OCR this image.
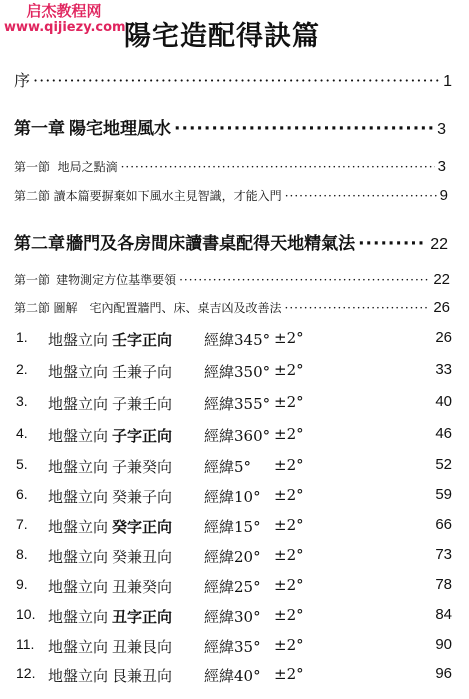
启杰教程网
www.qijiezy.com
陽宅造配得訣篇
序 ·····	1
第一章 陽宅地理風水 ·····	3
第一節 地局之點滴 ·····	3
第二節 讀本篇要摒棄如下風水主見智識，才能入門 ·····	9
第二章 牆門及各房間床讀書桌配得天地精氣法 ·····	22
第一節 建物測定方位基準要領 ·····	22
第二節 圖解　宅內配置牆門、床、桌吉凶及改善法 ·····	26
1. 地盤立向 壬字正向 經緯345° ±2°	26
2. 地盤立向 壬兼子向 經緯350° ±2°	33
3. 地盤立向 子兼壬向 經緯355° ±2°	40
4. 地盤立向 子字正向 經緯360° ±2°	46
5. 地盤立向 子兼癸向 經緯5° ±2°	52
6. 地盤立向 癸兼子向 經緯10° ±2°	59
7. 地盤立向 癸字正向 經緯15° ±2°	66
8. 地盤立向 癸兼丑向 經緯20° ±2°	73
9. 地盤立向 丑兼癸向 經緯25° ±2°	78
10. 地盤立向 丑字正向 經緯30° ±2°	84
11. 地盤立向 丑兼艮向 經緯35° ±2°	90
12. 地盤立向 艮兼丑向 經緯40° ±2°	96
